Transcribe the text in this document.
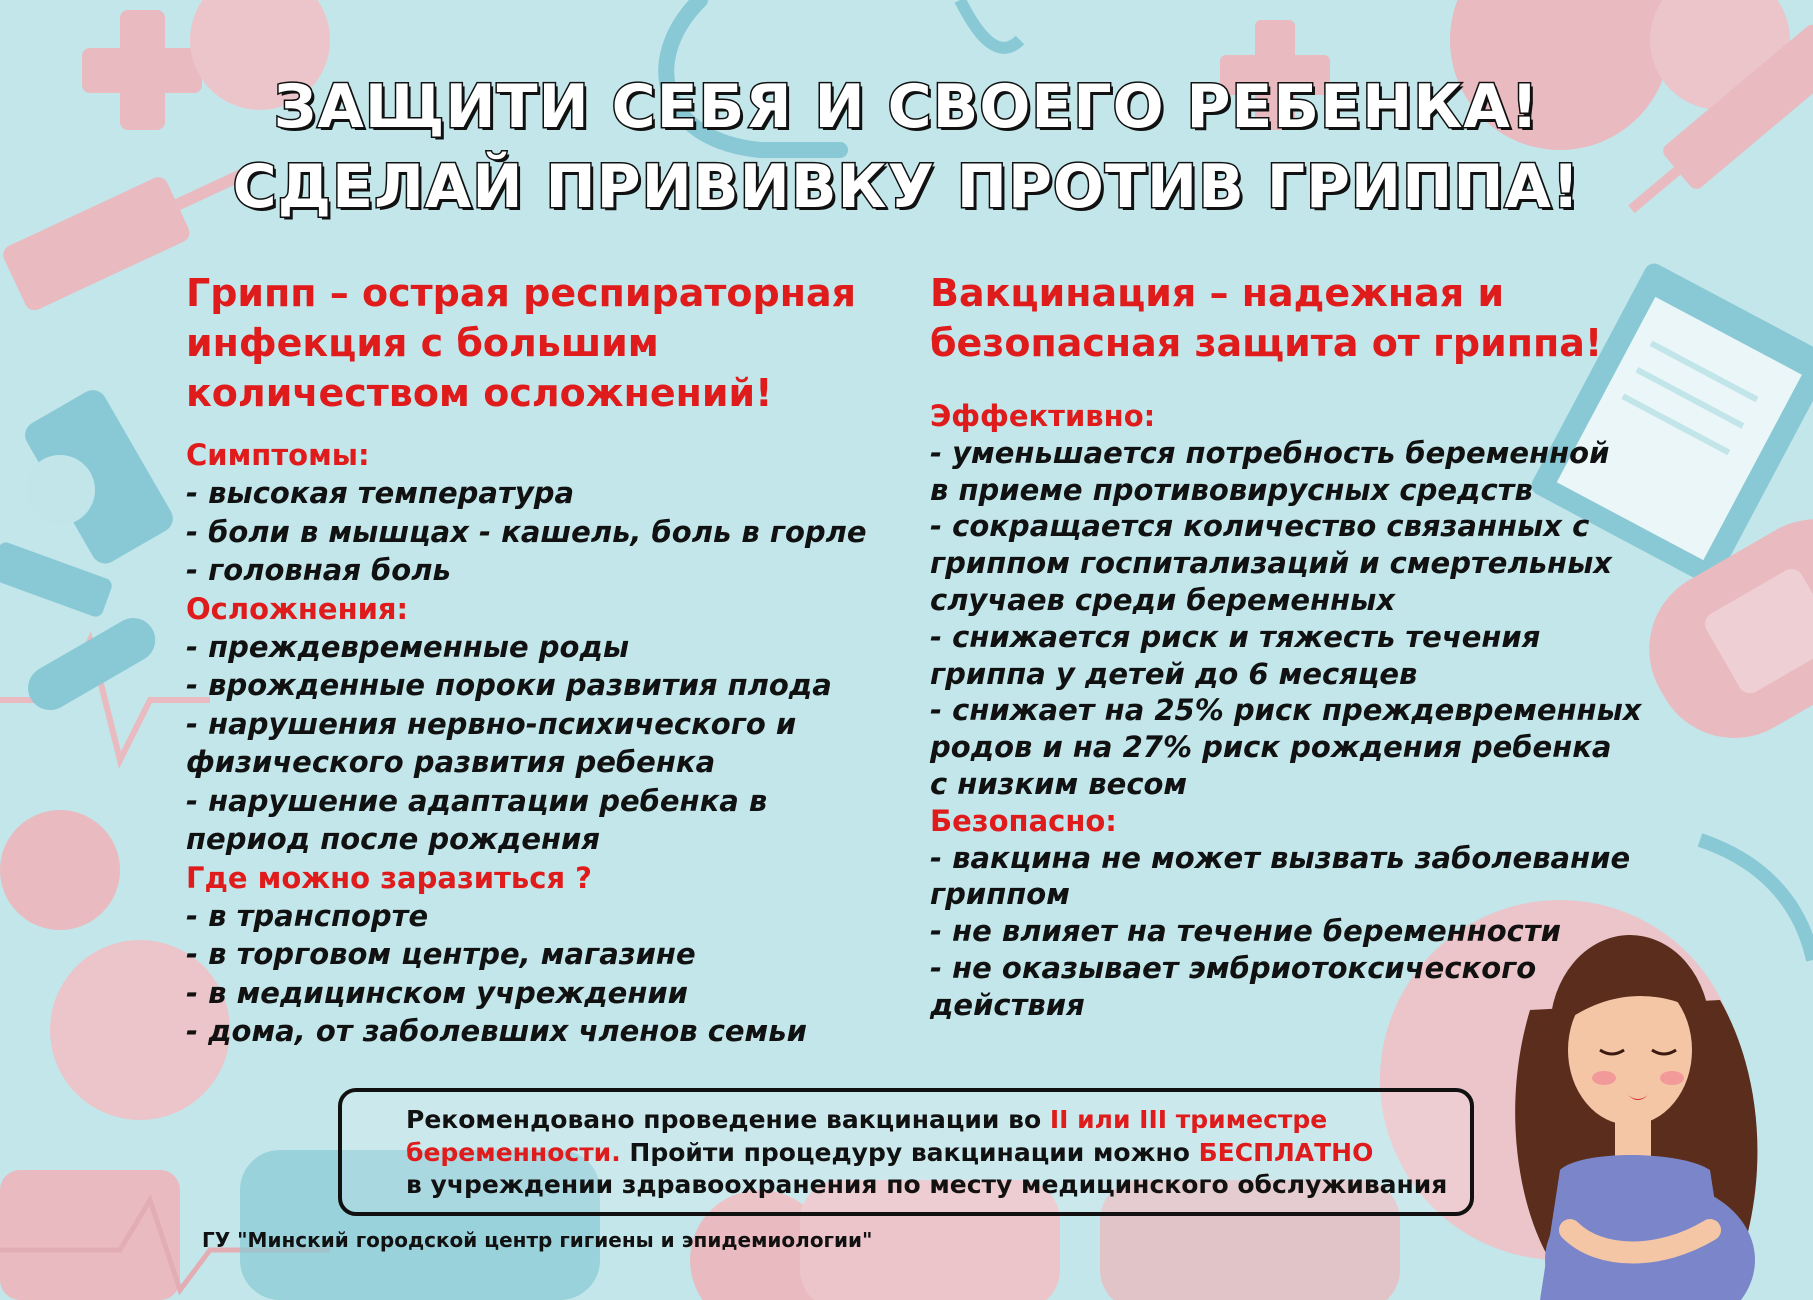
ЗАЩИТИ СЕБЯ И СВОЕГО РЕБЕНКА!
СДЕЛАЙ ПРИВИВКУ ПРОТИВ ГРИППА!

Грипп – острая респираторная

инфекция с большим

количеством осложнений!

Симптомы:

- высокая температура

- боли в мышцах - кашель, боль в горле

- головная боль

Осложнения:

- преждевременные роды

- врожденные пороки развития плода

- нарушения нервно-психического и

физического развития ребенка

- нарушение адаптации ребенка в

период после рождения

Где можно заразиться ?

- в транспорте

- в торговом центре, магазине

- в медицинском учреждении

- дома, от заболевших членов семьи

Вакцинация – надежная и

безопасная защита от гриппа!

Эффективно:

- уменьшается потребность беременной

в приеме противовирусных средств

- сокращается количество связанных с

гриппом госпитализаций и смертельных

случаев среди беременных

- снижается риск и тяжесть течения

гриппа у детей до 6 месяцев

- снижает на 25% риск преждевременных

родов и на 27% риск рождения ребенка

с низким весом

Безопасно:

- вакцина не может вызвать заболевание

гриппом

- не влияет на течение беременности

- не оказывает эмбриотоксического

действия

Рекомендовано проведение вакцинации во II или III триместре
беременности. Пройти процедуру вакцинации можно БЕСПЛАТНО
в учреждении здравоохранения по месту медицинского обслуживания
ГУ "Минский городской центр гигиены и эпидемиологии"
